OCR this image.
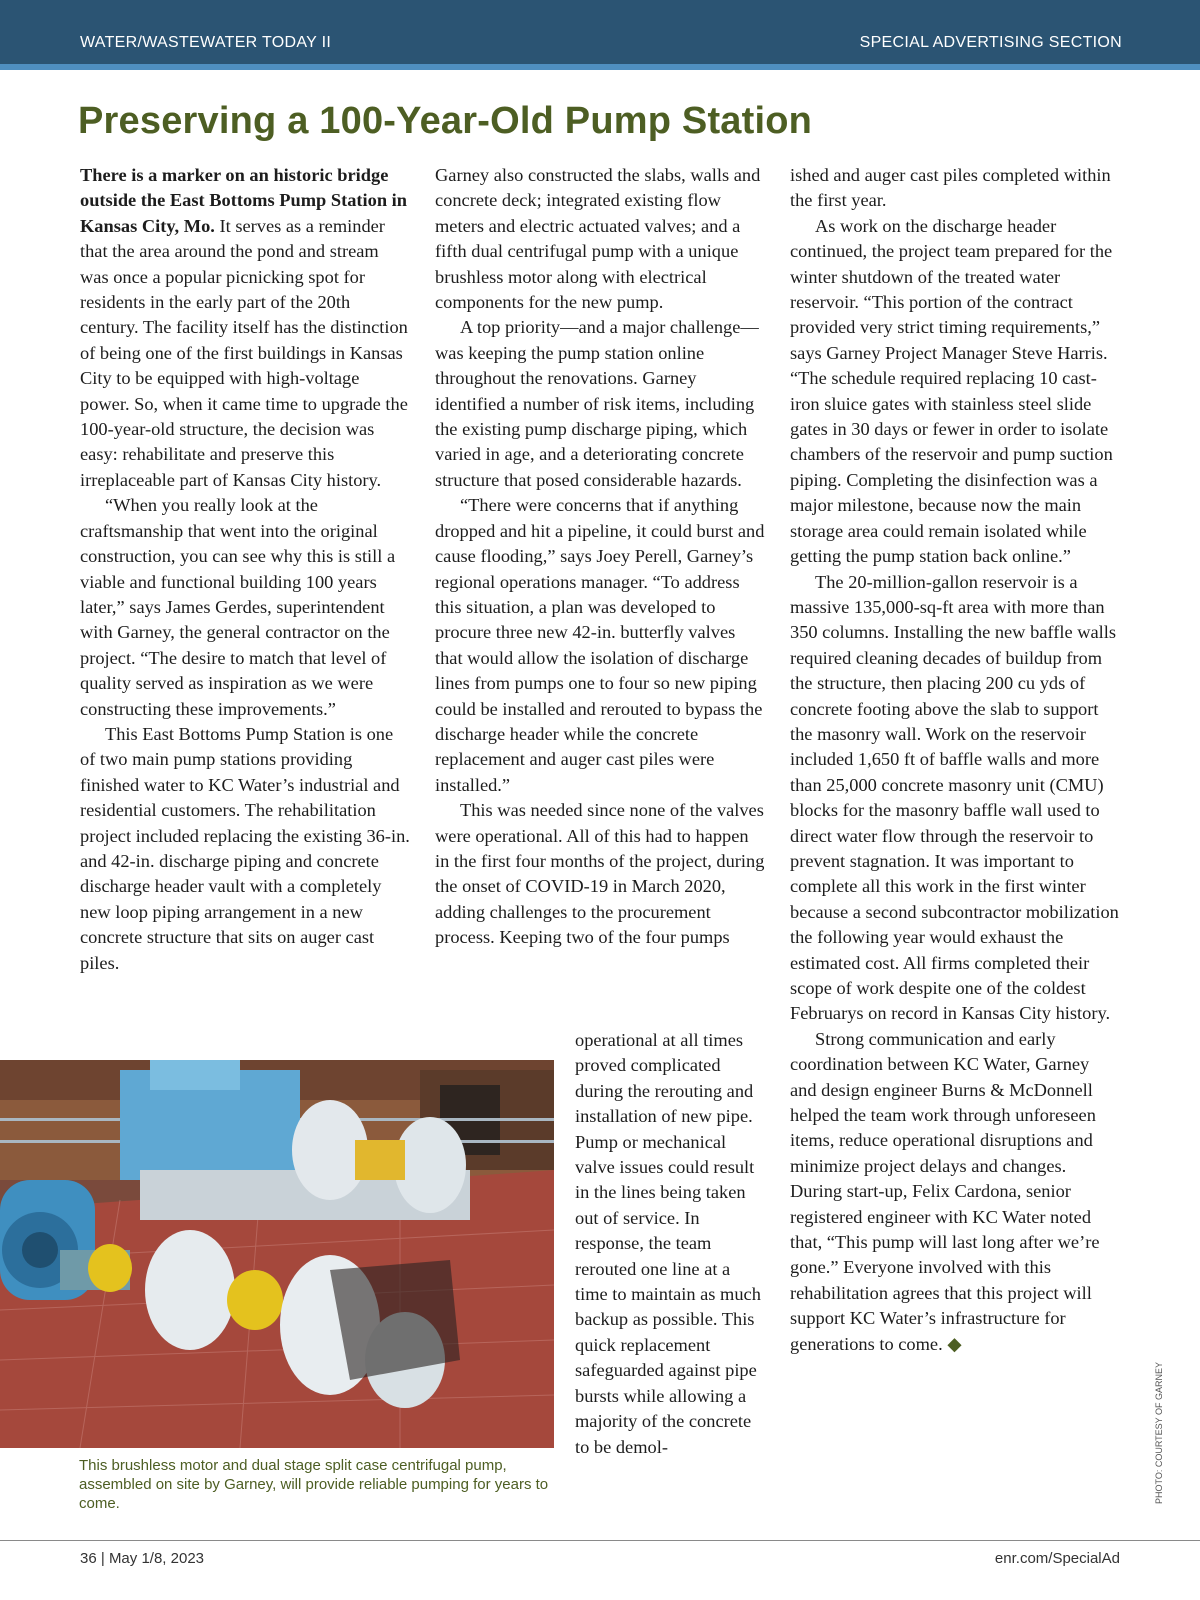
WATER/WASTEWATER TODAY II	SPECIAL ADVERTISING SECTION
Preserving a 100-Year-Old Pump Station

There is a marker on an historic bridge outside the East Bottoms Pump Station in Kansas City, Mo. It serves as a reminder that the area around the pond and stream was once a popular picnicking spot for residents in the early part of the 20th century. The facility itself has the distinction of being one of the first buildings in Kansas City to be equipped with high-voltage power. So, when it came time to upgrade the 100-year-old structure, the decision was easy: rehabilitate and preserve this irreplaceable part of Kansas City history.

“When you really look at the craftsmanship that went into the original construction, you can see why this is still a viable and functional building 100 years later,” says James Gerdes, superintendent with Garney, the general contractor on the project. “The desire to match that level of quality served as inspiration as we were constructing these improvements.”

This East Bottoms Pump Station is one of two main pump stations providing finished water to KC Water’s industrial and residential customers. The rehabilitation project included replacing the existing 36-in. and 42-in. discharge piping and concrete discharge header vault with a completely new loop piping arrangement in a new concrete structure that sits on auger cast piles.

Garney also constructed the slabs, walls and concrete deck; integrated existing flow meters and electric actuated valves; and a fifth dual centrifugal pump with a unique brushless motor along with electrical components for the new pump.

A top priority—and a major challenge—was keeping the pump station online throughout the renovations. Garney identified a number of risk items, including the existing pump discharge piping, which varied in age, and a deteriorating concrete structure that posed considerable hazards.

“There were concerns that if anything dropped and hit a pipeline, it could burst and cause flooding,” says Joey Perell, Garney’s regional operations manager. “To address this situation, a plan was developed to procure three new 42-in. butterfly valves that would allow the isolation of discharge lines from pumps one to four so new piping could be installed and rerouted to bypass the discharge header while the concrete replacement and auger cast piles were installed.”

This was needed since none of the valves were operational. All of this had to happen in the first four months of the project, during the onset of COVID-19 in March 2020, adding challenges to the procurement process. Keeping two of the four pumps

operational at all times proved complicated during the rerouting and installation of new pipe. Pump or mechanical valve issues could result in the lines being taken out of service. In response, the team rerouted one line at a time to maintain as much backup as possible. This quick replacement safeguarded against pipe bursts while allowing a majority of the concrete to be demol-

ished and auger cast piles completed within the first year.

As work on the discharge header continued, the project team prepared for the winter shutdown of the treated water reservoir. “This portion of the contract provided very strict timing requirements,” says Garney Project Manager Steve Harris. “The schedule required replacing 10 cast-iron sluice gates with stainless steel slide gates in 30 days or fewer in order to isolate chambers of the reservoir and pump suction piping. Completing the disinfection was a major milestone, because now the main storage area could remain isolated while getting the pump station back online.”

The 20-million-gallon reservoir is a massive 135,000-sq-ft area with more than 350 columns. Installing the new baffle walls required cleaning decades of buildup from the structure, then placing 200 cu yds of concrete footing above the slab to support the masonry wall. Work on the reservoir included 1,650 ft of baffle walls and more than 25,000 concrete masonry unit (CMU) blocks for the masonry baffle wall used to direct water flow through the reservoir to prevent stagnation. It was important to complete all this work in the first winter because a second subcontractor mobilization the following year would exhaust the estimated cost. All firms completed their scope of work despite one of the coldest Februarys on record in Kansas City history.

Strong communication and early coordination between KC Water, Garney and design engineer Burns & McDonnell helped the team work through unforeseen items, reduce operational disruptions and minimize project delays and changes. During start-up, Felix Cardona, senior registered engineer with KC Water noted that, “This pump will last long after we’re gone.” Everyone involved with this rehabilitation agrees that this project will support KC Water’s infrastructure for generations to come. ◆

This brushless motor and dual stage split case centrifugal pump, assembled on site by Garney, will provide reliable pumping for years to come.	PHOTO: COURTESY OF GARNEY
36 | May 1/8, 2023	enr.com/SpecialAd
